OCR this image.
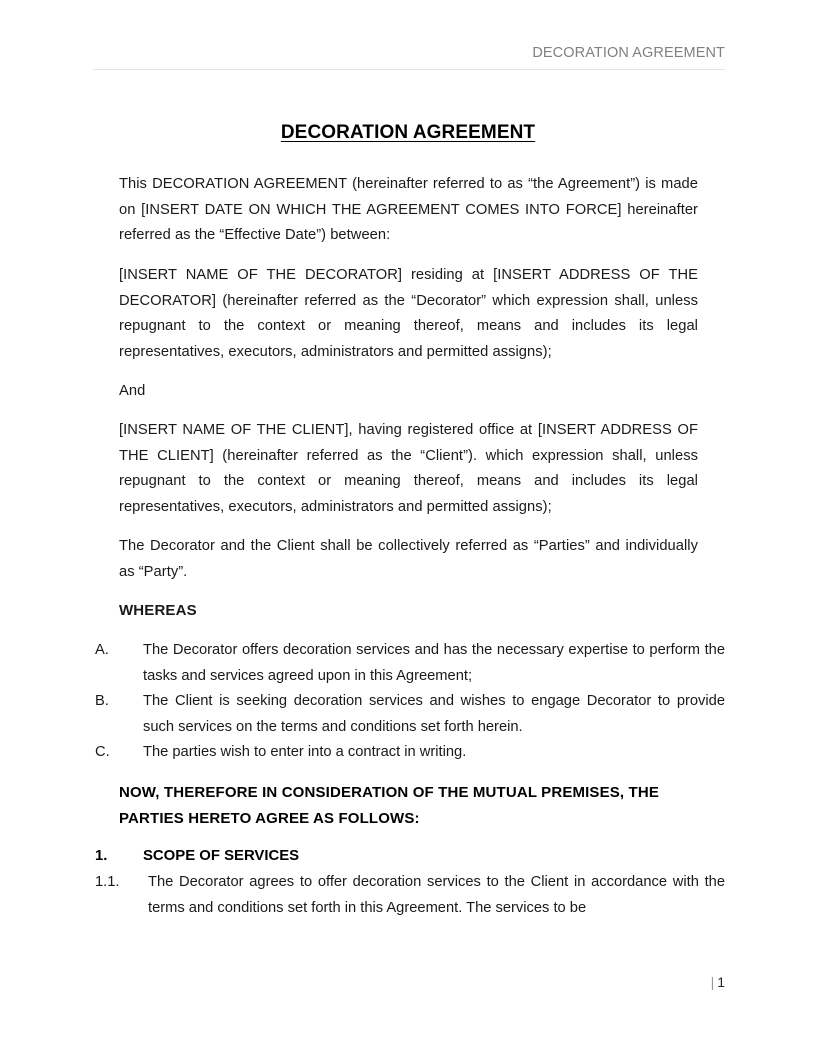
DECORATION AGREEMENT
DECORATION AGREEMENT
This DECORATION AGREEMENT (hereinafter referred to as “the Agreement”) is made on [INSERT DATE ON WHICH THE AGREEMENT COMES INTO FORCE] hereinafter referred as the “Effective Date”) between:
[INSERT NAME OF THE DECORATOR] residing at [INSERT ADDRESS OF THE DECORATOR] (hereinafter referred as the “Decorator” which expression shall, unless repugnant to the context or meaning thereof, means and includes its legal representatives, executors, administrators and permitted assigns);
And
[INSERT NAME OF THE CLIENT], having registered office at [INSERT ADDRESS OF THE CLIENT] (hereinafter referred as the “Client”). which expression shall, unless repugnant to the context or meaning thereof, means and includes its legal representatives, executors, administrators and permitted assigns);
The Decorator and the Client shall be collectively referred as “Parties” and individually as “Party”.
WHEREAS
A.	The Decorator offers decoration services and has the necessary expertise to perform the tasks and services agreed upon in this Agreement;
B.	The Client is seeking decoration services and wishes to engage Decorator to provide such services on the terms and conditions set forth herein.
C.	The parties wish to enter into a contract in writing.
NOW, THEREFORE IN CONSIDERATION OF THE MUTUAL PREMISES, THE PARTIES HERETO AGREE AS FOLLOWS:
1.	SCOPE OF SERVICES
1.1.	The Decorator agrees to offer decoration services to the Client in accordance with the terms and conditions set forth in this Agreement. The services to be
| 1
